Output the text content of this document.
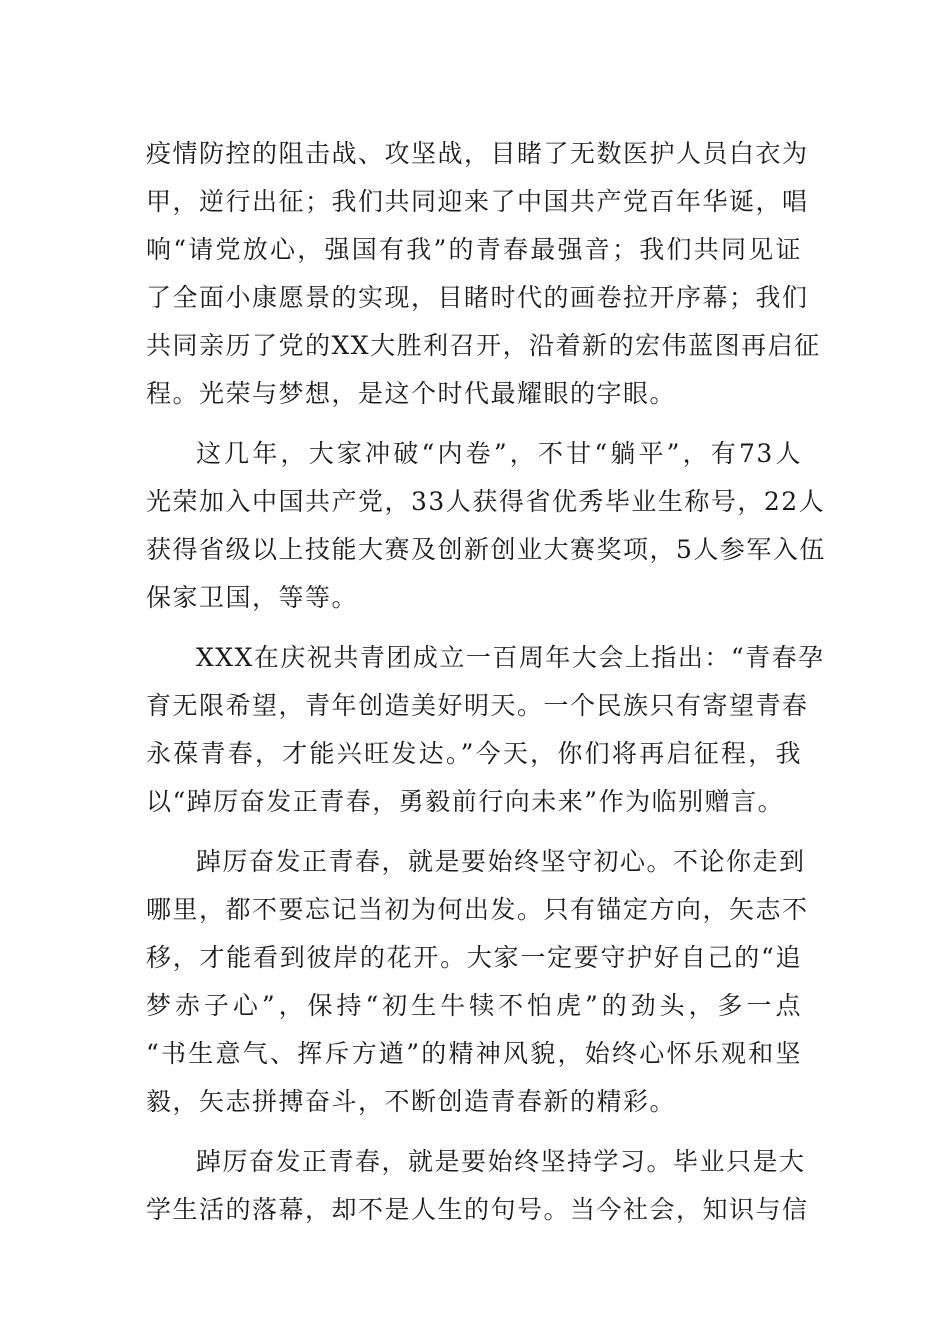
疫情防控的阻击战、攻坚战，目睹了无数医护人员白衣为
甲，逆行出征；我们共同迎来了中国共产党百年华诞，唱
响“请党放心，强国有我”的青春最强音；我们共同见证
了全面小康愿景的实现，目睹时代的画卷拉开序幕；我们
共同亲历了党的XX大胜利召开，沿着新的宏伟蓝图再启征
程。光荣与梦想，是这个时代最耀眼的字眼。
这几年，大家冲破“内卷”，不甘“躺平”，有73人
光荣加入中国共产党，33人获得省优秀毕业生称号，22人
获得省级以上技能大赛及创新创业大赛奖项，5人参军入伍
保家卫国，等等。
XXX在庆祝共青团成立一百周年大会上指出：“青春孕
育无限希望，青年创造美好明天。一个民族只有寄望青春
永葆青春，才能兴旺发达。”今天，你们将再启征程，我
以“踔厉奋发正青春，勇毅前行向未来”作为临别赠言。
踔厉奋发正青春，就是要始终坚守初心。不论你走到
哪里，都不要忘记当初为何出发。只有锚定方向，矢志不
移，才能看到彼岸的花开。大家一定要守护好自己的“追
梦赤子心”，保持“初生牛犊不怕虎”的劲头，多一点
“书生意气、挥斥方遒”的精神风貌，始终心怀乐观和坚
毅，矢志拼搏奋斗，不断创造青春新的精彩。
踔厉奋发正青春，就是要始终坚持学习。毕业只是大
学生活的落幕，却不是人生的句号。当今社会，知识与信
